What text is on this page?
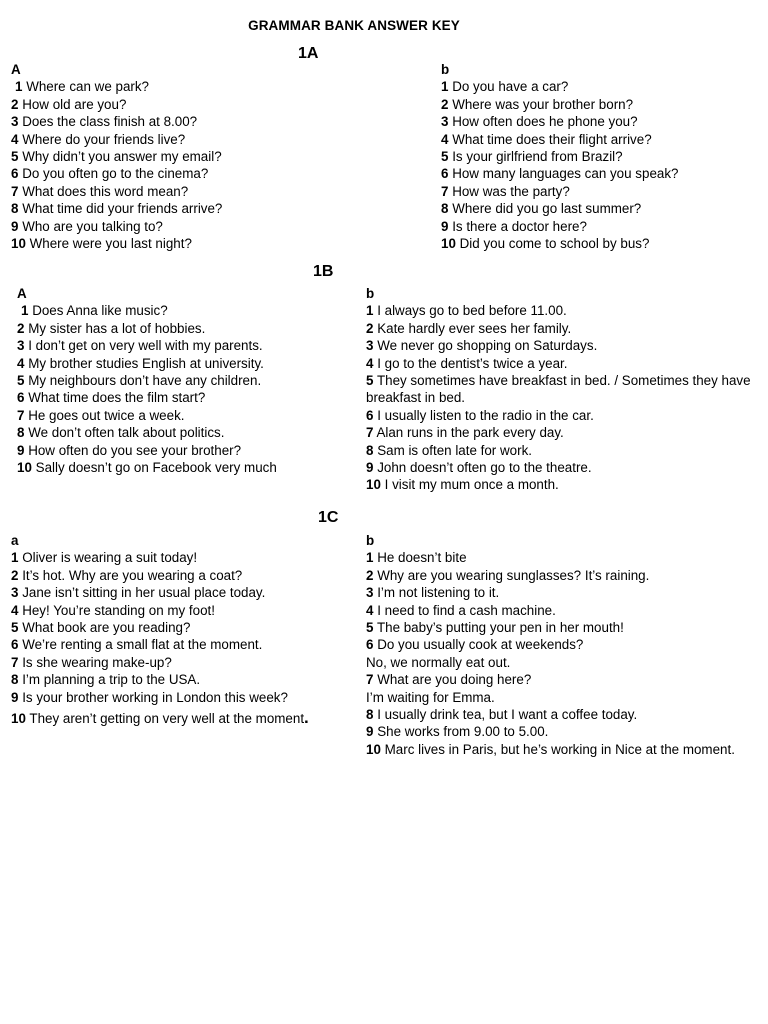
GRAMMAR BANK ANSWER KEY
1A
A
1 Where can we park?
2 How old are you?
3 Does the class finish at 8.00?
4 Where do your friends live?
5 Why didn’t you answer my email?
6 Do you often go to the cinema?
7 What does this word mean?
8 What time did your friends arrive?
9 Who are you talking to?
10 Where were you last night?
b
1 Do you have a car?
2 Where was your brother born?
3 How often does he phone you?
4 What time does their flight arrive?
5 Is your girlfriend from Brazil?
6 How many languages can you speak?
7 How was the party?
8 Where did you go last summer?
9 Is there a doctor here?
10 Did you come to school by bus?
1B
A
1 Does Anna like music?
2 My sister has a lot of hobbies.
3 I don’t get on very well with my parents.
4 My brother studies English at university.
5 My neighbours don’t have any children.
6 What time does the film start?
7 He goes out twice a week.
8 We don’t often talk about politics.
9 How often do you see your brother?
10 Sally doesn’t go on Facebook very much
b
1 I always go to bed before 11.00.
2 Kate hardly ever sees her family.
3 We never go shopping on Saturdays.
4 I go to the dentist’s twice a year.
5 They sometimes have breakfast in bed. / Sometimes they have breakfast in bed.
6 I usually listen to the radio in the car.
7 Alan runs in the park every day.
8 Sam is often late for work.
9 John doesn’t often go to the theatre.
10 I visit my mum once a month.
1C
a
1 Oliver is wearing a suit today!
2 It’s hot. Why are you wearing a coat?
3 Jane isn’t sitting in her usual place today.
4 Hey! You’re standing on my foot!
5 What book are you reading?
6 We’re renting a small flat at the moment.
7 Is she wearing make-up?
8 I’m planning a trip to the USA.
9 Is your brother working in London this week?
10 They aren’t getting on very well at the moment.
b
1 He doesn’t bite
2 Why are you wearing sunglasses? It’s raining.
3 I’m not listening to it.
4 I need to find a cash machine.
5 The baby’s putting your pen in her mouth!
6 Do you usually cook at weekends?
No, we normally eat out.
7 What are you doing here?
I’m waiting for Emma.
8 I usually drink tea, but I want a coffee today.
9 She works from 9.00 to 5.00.
10 Marc lives in Paris, but he’s working in Nice at the moment.
